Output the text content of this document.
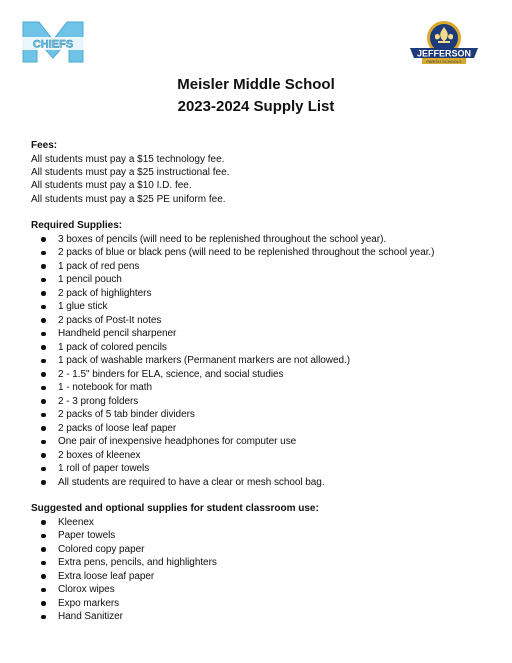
CHIEFS
JEFFERSON
PARISH SCHOOLS
Meisler Middle School
2023-2024 Supply List

Fees:

All students must pay a $15 technology fee.

All students must pay a $25 instructional fee.

All students must pay a $10 I.D. fee.

All students must pay a $25 PE uniform fee.

Required Supplies:

3 boxes of pencils (will need to be replenished throughout the school year).
2 packs of blue or black pens (will need to be replenished throughout the school year.)
1 pack of red pens
1 pencil pouch
2 pack of highlighters
1 glue stick
2 packs of Post-It notes
Handheld pencil sharpener
1 pack of colored pencils
1 pack of washable markers (Permanent markers are not allowed.)
2 - 1.5" binders for ELA, science, and social studies
1 - notebook for math
2 - 3 prong folders
2 packs of 5 tab binder dividers
2 packs of loose leaf paper
One pair of inexpensive headphones for computer use
2 boxes of kleenex
1 roll of paper towels
All students are required to have a clear or mesh school bag.

Suggested and optional supplies for student classroom use:

Kleenex
Paper towels
Colored copy paper
Extra pens, pencils, and highlighters
Extra loose leaf paper
Clorox wipes
Expo markers
Hand Sanitizer
